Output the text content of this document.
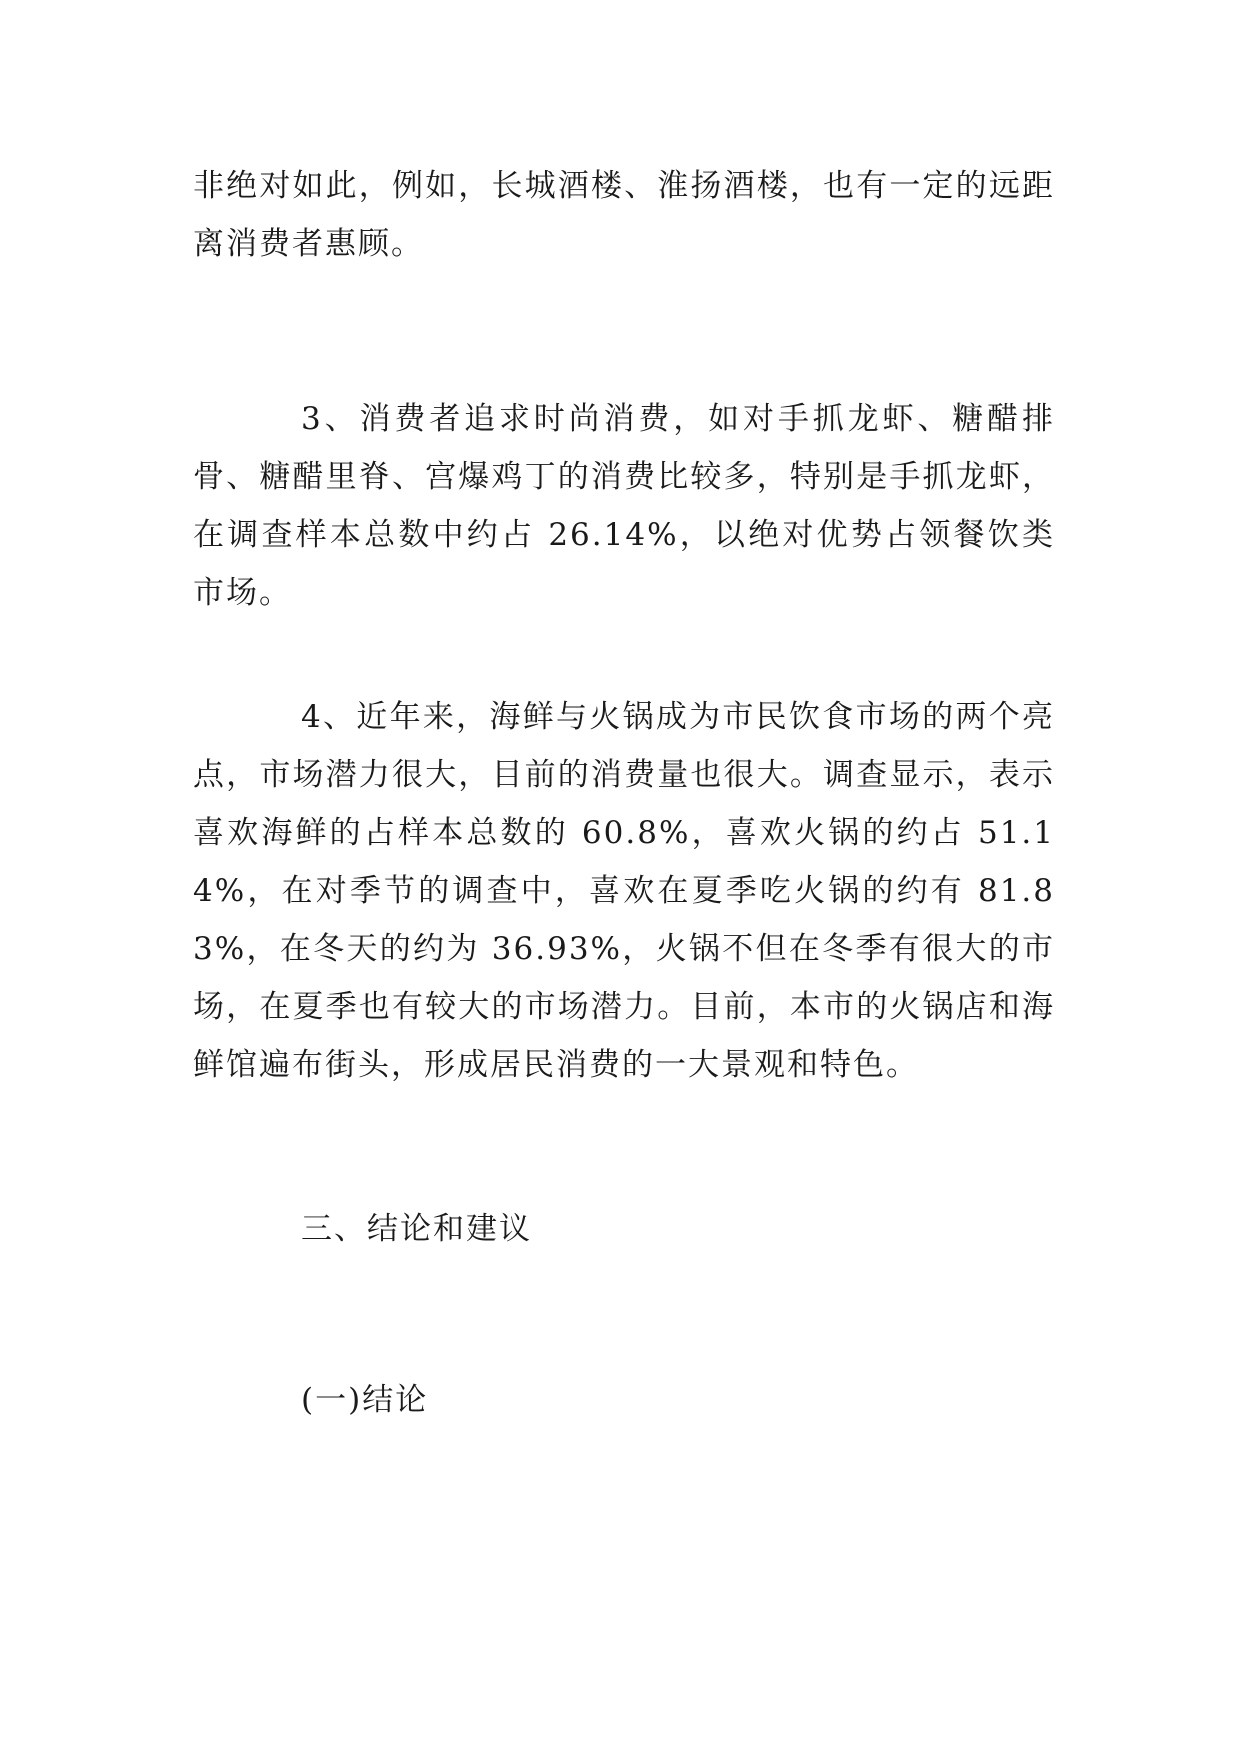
非绝对如此，例如，长城酒楼、淮扬酒楼，也有一定的远距离消费者惠顾。

3、消费者追求时尚消费，如对手抓龙虾、糖醋排骨、糖醋里脊、宫爆鸡丁的消费比较多，特别是手抓龙虾，在调查样本总数中约占 26.14%，以绝对优势占领餐饮类市场。

4、近年来，海鲜与火锅成为市民饮食市场的两个亮点，市场潜力很大，目前的消费量也很大。调查显示，表示喜欢海鲜的占样本总数的 60.8%，喜欢火锅的约占 51.14%，在对季节的调查中，喜欢在夏季吃火锅的约有 81.83%，在冬天的约为 36.93%，火锅不但在冬季有很大的市场，在夏季也有较大的市场潜力。目前，本市的火锅店和海鲜馆遍布街头，形成居民消费的一大景观和特色。

三、结论和建议

(一)结论
